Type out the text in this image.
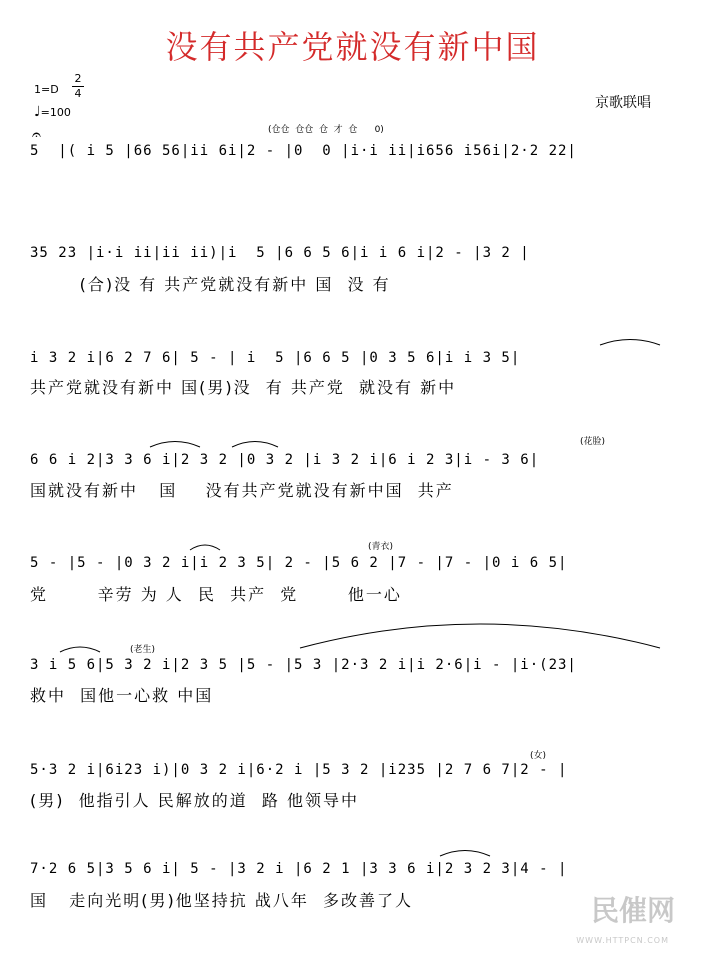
没有共产党就没有新中国
1=D
2
4
♩=100
京歌联唱
𝄐	(仓仓  仓仓  仓  才  仓      0)
5  |( i 5 |66 56|ii 6i|2 - |0  0 |i·i ii|i656 i56i|2·2 22|
35 23 |i·i ii|ii ii)|i  5 |6 6 5 6|i i 6 i|2 - |3 2 |
(合)没 有 共产党就没有新中 国  没 有
i 3 2 i|6 2 7 6| 5 - | i  5 |6 6 5 |0 3 5 6|i i 3 5|
共产党就没有新中 国(男)没  有 共产党  就没有 新中
(花脸)
6 6 i 2|3 3 6 i|2 3 2 |0 3 2 |i 3 2 i|6 i 2 3|i - 3 6|
国就没有新中   国    没有共产党就没有新中国  共产
(青衣)
5 - |5 - |0 3 2 i|i 2 3 5| 2 - |5 6 2 |7 - |7 - |0 i 6 5|
党       辛劳 为 人  民  共产  党       他一心
(老生)
3 i 5 6|5 3 2 i|2 3 5 |5 - |5 3 |2·3 2 i|i 2·6|i - |i·(23|
救中  国他一心救 中国
(女)
5·3 2 i|6i23 i)|0 3 2 i|6·2 i |5 3 2 |i235 |2 7 6 7|2 - |
(男)  他指引人 民解放的道  路 他领导中
7·2 6 5|3 5 6 i| 5 - |3 2 i |6 2 1 |3 3 6 i|2 3 2 3|4 - |
国   走向光明(男)他坚持抗 战八年  多改善了人	民催网
WWW.HTTPCN.COM
